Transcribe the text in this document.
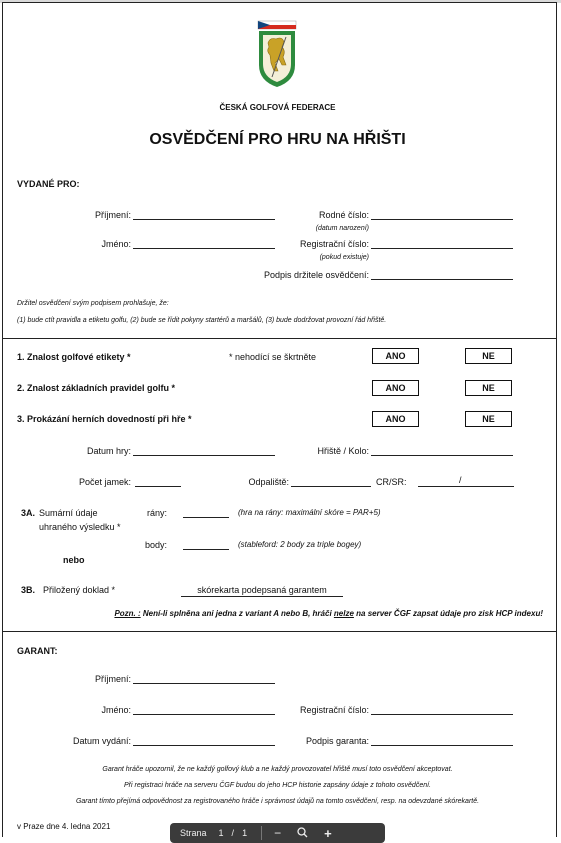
ČESKÁ GOLFOVÁ FEDERACE
OSVĚDČENÍ PRO HRU NA HŘIŠTI
VYDANÉ PRO:
Příjmení:	Rodné číslo:
(datum narození)
Jméno:	Registrační číslo:
(pokud existuje)
Podpis držitele osvědčení:
Držitel osvědčení svým podpisem prohlašuje, že:
(1) bude ctít pravidla a etiketu golfu, (2) bude se řídit pokyny startérů a maršálů, (3) bude dodržovat provozní řád hřiště.
1. Znalost golfové etikety *	* nehodící se škrtněte	ANO	NE
2. Znalost základních pravidel golfu *	ANO	NE
3. Prokázání herních dovedností při hře *	ANO	NE
Datum hry:	Hřiště / Kolo:
Počet jamek:	Odpaliště:	CR/SR:	/
3A. Sumární údaje
uhraného výsledku *
rány:	(hra na rány: maximální skóre = PAR+5)
body:	(stableford: 2 body za triple bogey)
nebo
3B. Přiložený doklad *	skórekarta podepsaná garantem
Pozn. : Není-li splněna ani jedna z variant A nebo B, hráči nelze na server ČGF zapsat údaje pro zisk HCP indexu!
GARANT:
Příjmení:
Jméno:	Registrační číslo:
Datum vydání:	Podpis garanta:
Garant hráče upozornil, že ne každý golfový klub a ne každý provozovatel hřiště musí toto osvědčení akceptovat.
Při registraci hráče na serveru ČGF budou do jeho HCP historie zapsány údaje z tohoto osvědčení.
Garant tímto přejímá odpovědnost za registrovaného hráče i správnost údajů na tomto osvědčení, resp. na odevzdané skórekartě.
v Praze dne 4. ledna 2021
Strana 1 / 1 −	+
